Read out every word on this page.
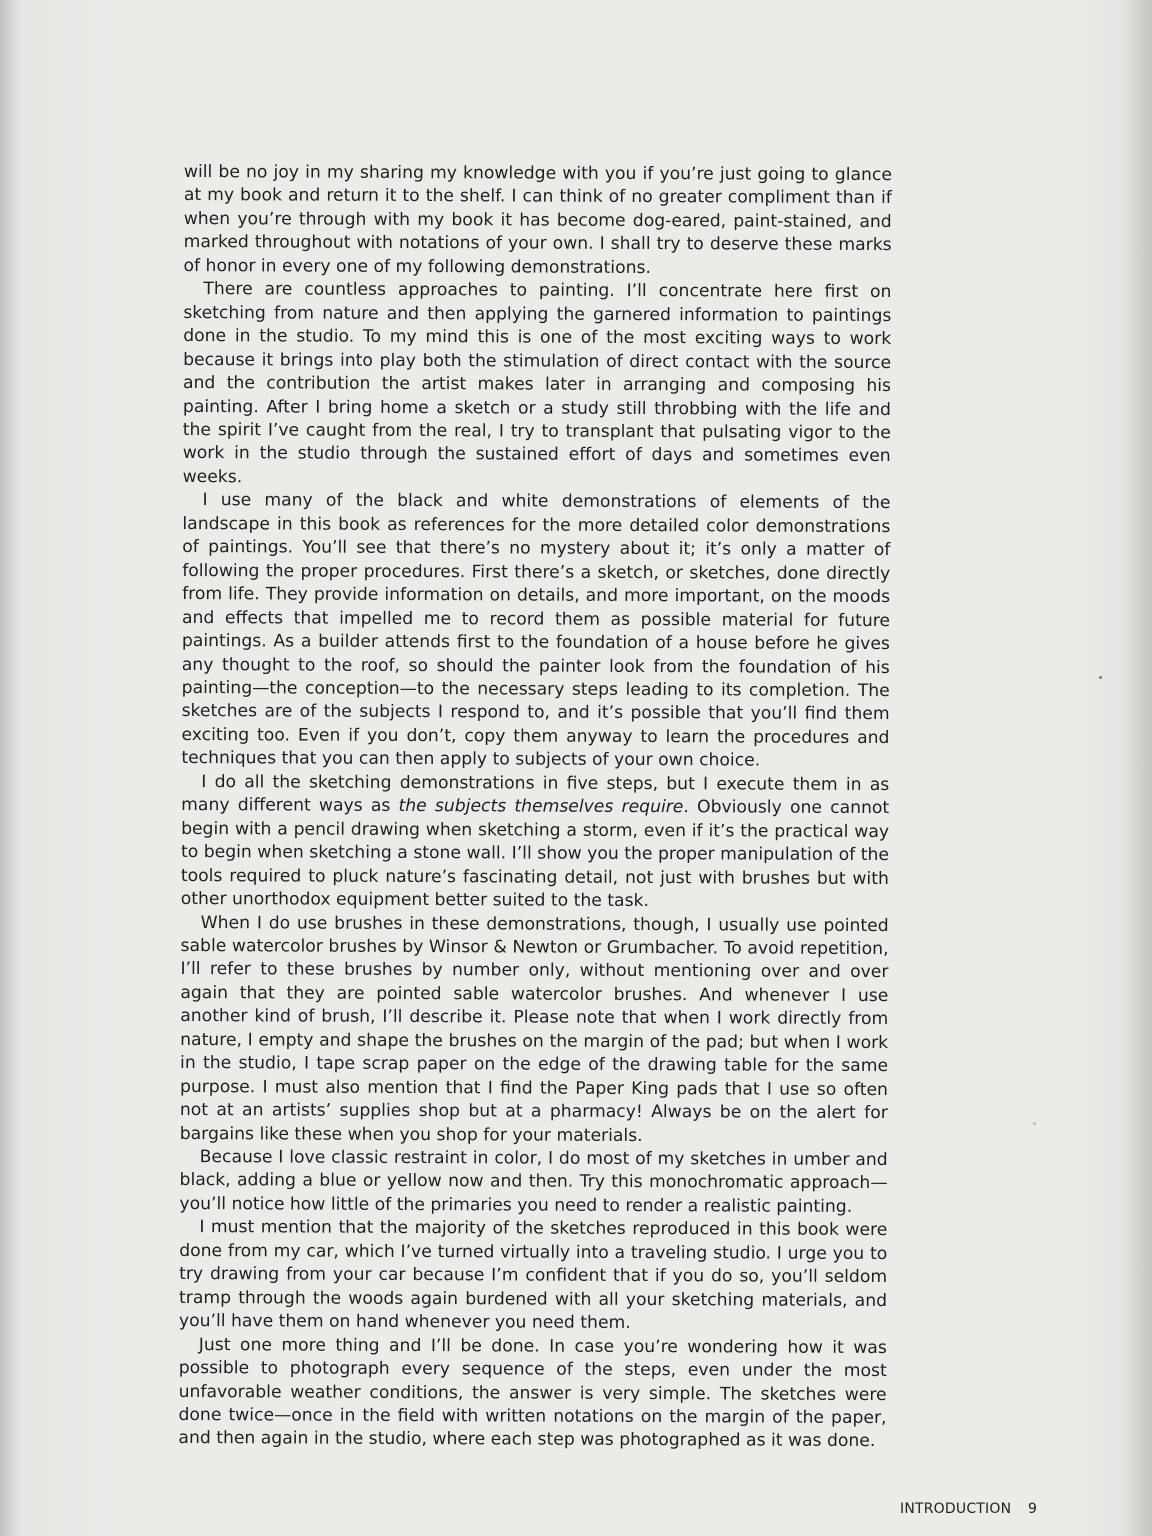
will be no joy in my sharing my knowledge with you if you’re just going to glance at my book and return it to the shelf. I can think of no greater compliment than if when you’re through with my book it has become dog-eared, paint-stained, and marked throughout with notations of your own. I shall try to deserve these marks of honor in every one of my following demonstrations.

There are countless approaches to painting. I’ll concentrate here first on sketching from nature and then applying the garnered information to paintings done in the studio. To my mind this is one of the most exciting ways to work because it brings into play both the stimulation of direct contact with the source and the contribution the artist makes later in arranging and composing his painting. After I bring home a sketch or a study still throbbing with the life and the spirit I’ve caught from the real, I try to transplant that pulsating vigor to the work in the studio through the sustained effort of days and sometimes even weeks.

I use many of the black and white demonstrations of elements of the landscape in this book as references for the more detailed color demonstrations of paintings. You’ll see that there’s no mystery about it; it’s only a matter of following the proper procedures. First there’s a sketch, or sketches, done directly from life. They provide information on details, and more important, on the moods and effects that impelled me to record them as possible material for future paintings. As a builder attends first to the foundation of a house before he gives any thought to the roof, so should the painter look from the foundation of his painting—the conception—to the necessary steps leading to its completion. The sketches are of the subjects I respond to, and it’s possible that you’ll find them exciting too. Even if you don’t, copy them anyway to learn the procedures and techniques that you can then apply to subjects of your own choice.

I do all the sketching demonstrations in five steps, but I execute them in as many different ways as the subjects themselves require. Obviously one cannot begin with a pencil drawing when sketching a storm, even if it’s the practical way to begin when sketching a stone wall. I’ll show you the proper manipulation of the tools required to pluck nature’s fascinating detail, not just with brushes but with other unorthodox equipment better suited to the task.

When I do use brushes in these demonstrations, though, I usually use pointed sable watercolor brushes by Winsor & Newton or Grumbacher. To avoid repetition, I’ll refer to these brushes by number only, without mentioning over and over again that they are pointed sable watercolor brushes. And whenever I use another kind of brush, I’ll describe it. Please note that when I work directly from nature, I empty and shape the brushes on the margin of the pad; but when I work in the studio, I tape scrap paper on the edge of the drawing table for the same purpose. I must also mention that I find the Paper King pads that I use so often not at an artists’ supplies shop but at a pharmacy! Always be on the alert for bargains like these when you shop for your materials.

Because I love classic restraint in color, I do most of my sketches in umber and black, adding a blue or yellow now and then. Try this monochromatic approach—you’ll notice how little of the primaries you need to render a realistic painting.

I must mention that the majority of the sketches reproduced in this book were done from my car, which I’ve turned virtually into a traveling studio. I urge you to try drawing from your car because I’m confident that if you do so, you’ll seldom tramp through the woods again burdened with all your sketching materials, and you’ll have them on hand whenever you need them.

Just one more thing and I’ll be done. In case you’re wondering how it was possible to photograph every sequence of the steps, even under the most unfavorable weather conditions, the answer is very simple. The sketches were done twice—once in the field with written notations on the margin of the paper, and then again in the studio, where each step was photographed as it was done.

INTRODUCTION 9
